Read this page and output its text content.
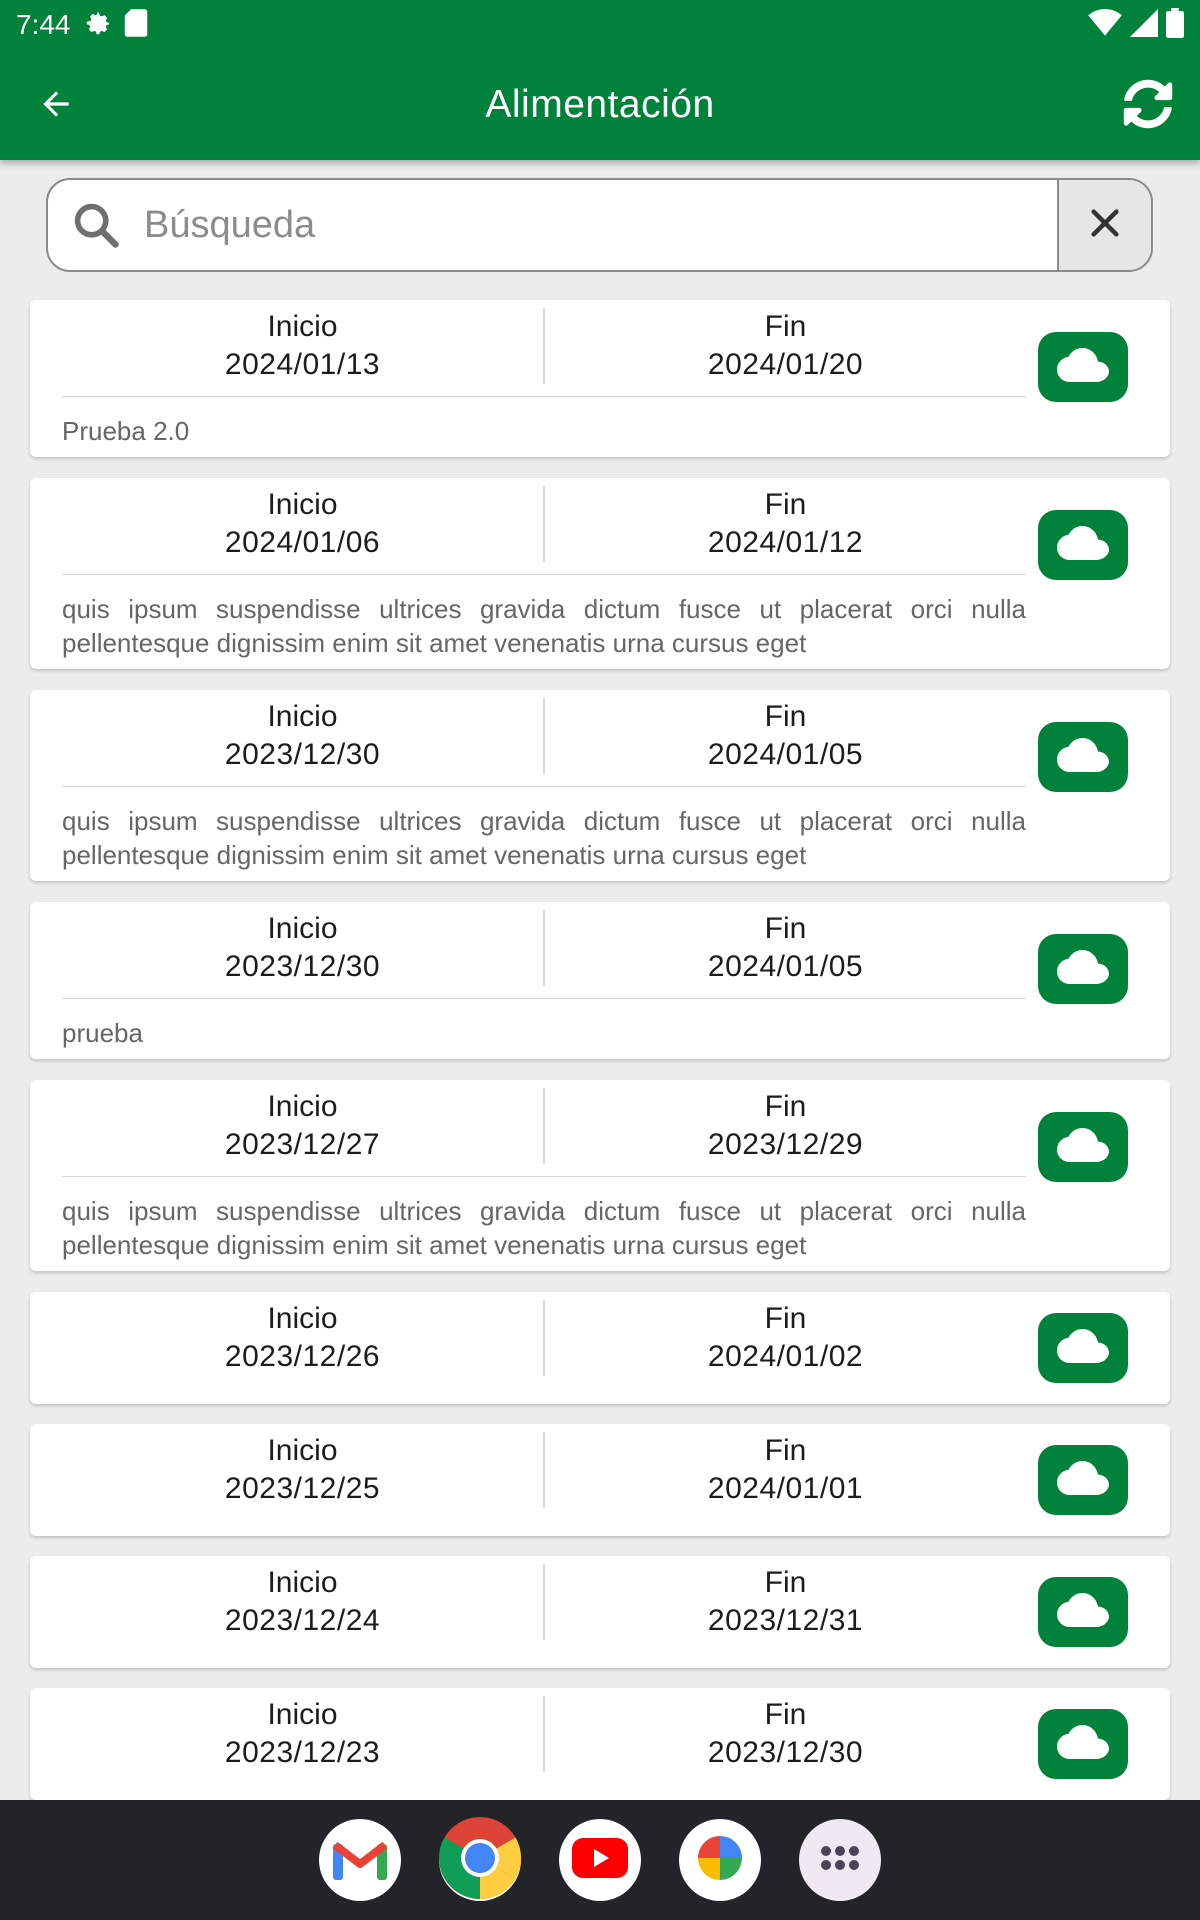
7:44
Alimentación
Búsqueda
Inicio
2024/01/13
Fin
2024/01/20
Prueba 2.0
Inicio
2024/01/06
Fin
2024/01/12
quis ipsum suspendisse ultrices gravida dictum fusce ut placerat orci nulla pellentesque dignissim enim sit amet venenatis urna cursus eget
Inicio
2023/12/30
Fin
2024/01/05
quis ipsum suspendisse ultrices gravida dictum fusce ut placerat orci nulla pellentesque dignissim enim sit amet venenatis urna cursus eget
Inicio
2023/12/30
Fin
2024/01/05
prueba
Inicio
2023/12/27
Fin
2023/12/29
quis ipsum suspendisse ultrices gravida dictum fusce ut placerat orci nulla pellentesque dignissim enim sit amet venenatis urna cursus eget
Inicio
2023/12/26
Fin
2024/01/02
Inicio
2023/12/25
Fin
2024/01/01
Inicio
2023/12/24
Fin
2023/12/31
Inicio
2023/12/23
Fin
2023/12/30
